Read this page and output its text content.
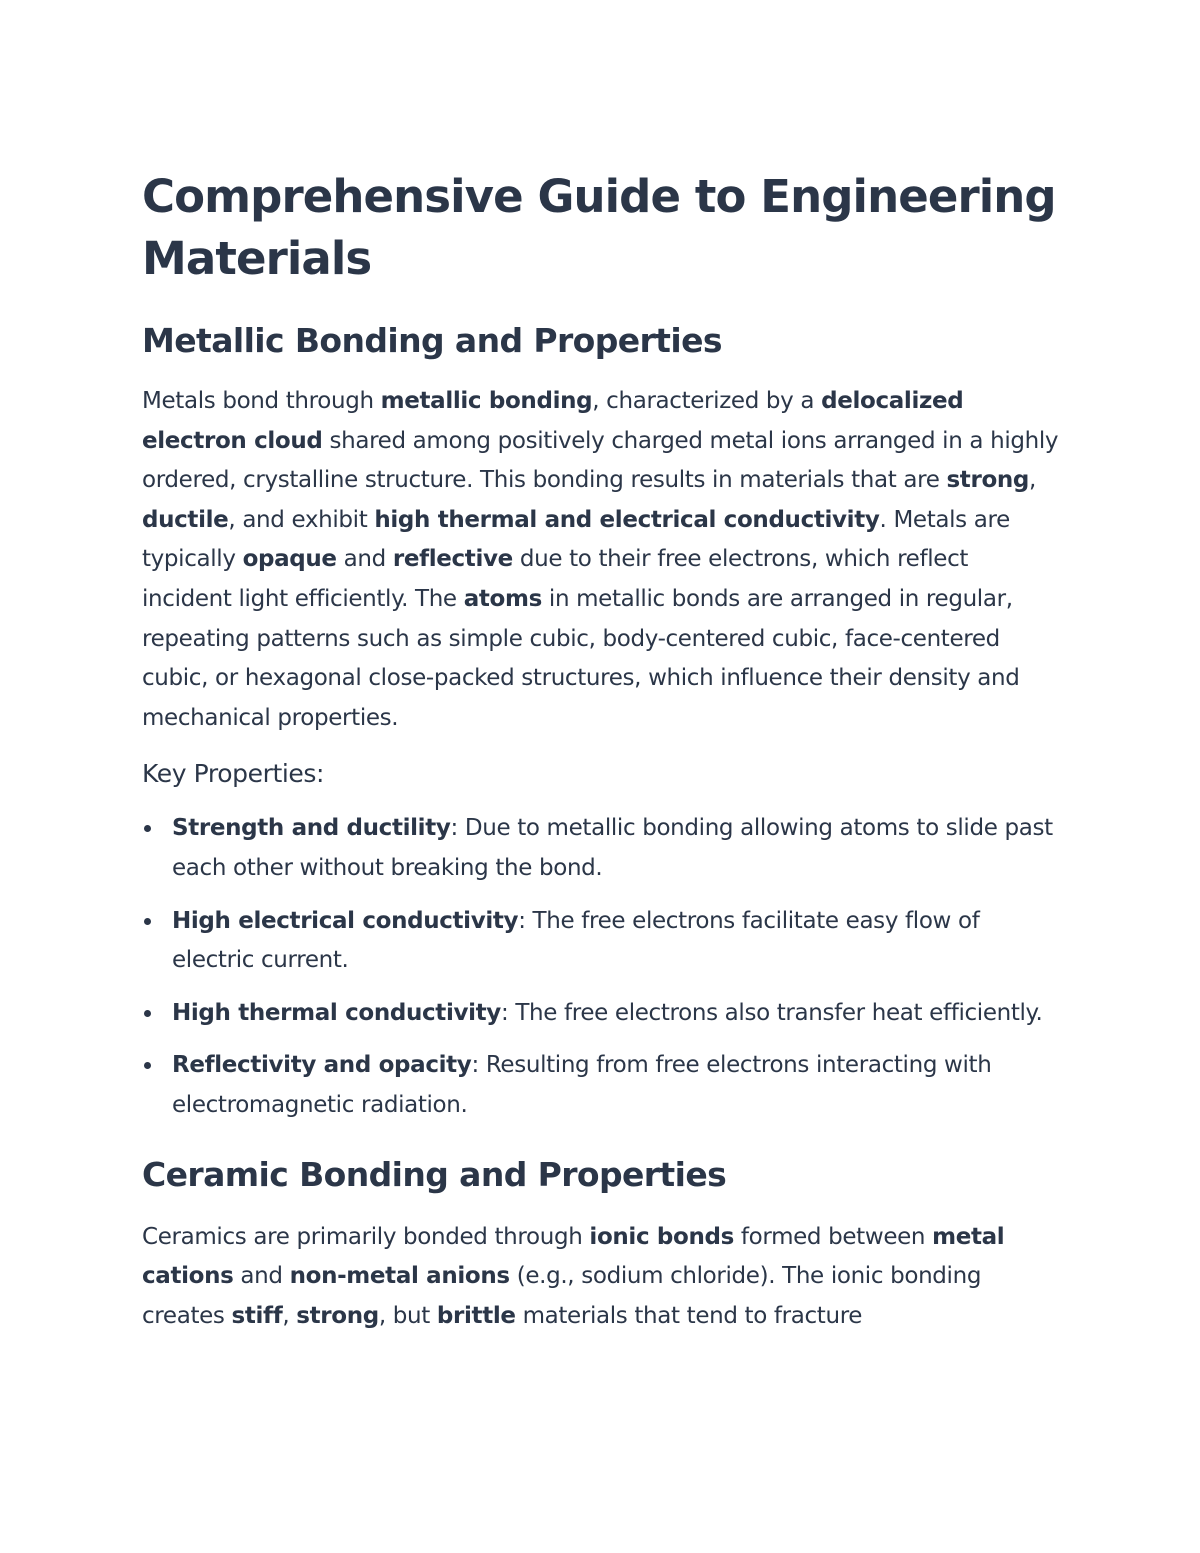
Comprehensive Guide to Engineering Materials
Metallic Bonding and Properties

Metals bond through metallic bonding, characterized by a delocalized electron cloud shared among positively charged metal ions arranged in a highly ordered, crystalline structure. This bonding results in materials that are strong, ductile, and exhibit high thermal and electrical conductivity. Metals are typically opaque and reflective due to their free electrons, which reflect incident light efficiently. The atoms in metallic bonds are arranged in regular, repeating patterns such as simple cubic, body-centered cubic, face-centered cubic, or hexagonal close-packed structures, which influence their density and mechanical properties.

Key Properties:
Strength and ductility: Due to metallic bonding allowing atoms to slide past each other without breaking the bond.
High electrical conductivity: The free electrons facilitate easy flow of electric current.
High thermal conductivity: The free electrons also transfer heat efficiently.
Reflectivity and opacity: Resulting from free electrons interacting with electromagnetic radiation.
Ceramic Bonding and Properties

Ceramics are primarily bonded through ionic bonds formed between metal cations and non-metal anions (e.g., sodium chloride). The ionic bonding creates stiff, strong, but brittle materials that tend to fracture
